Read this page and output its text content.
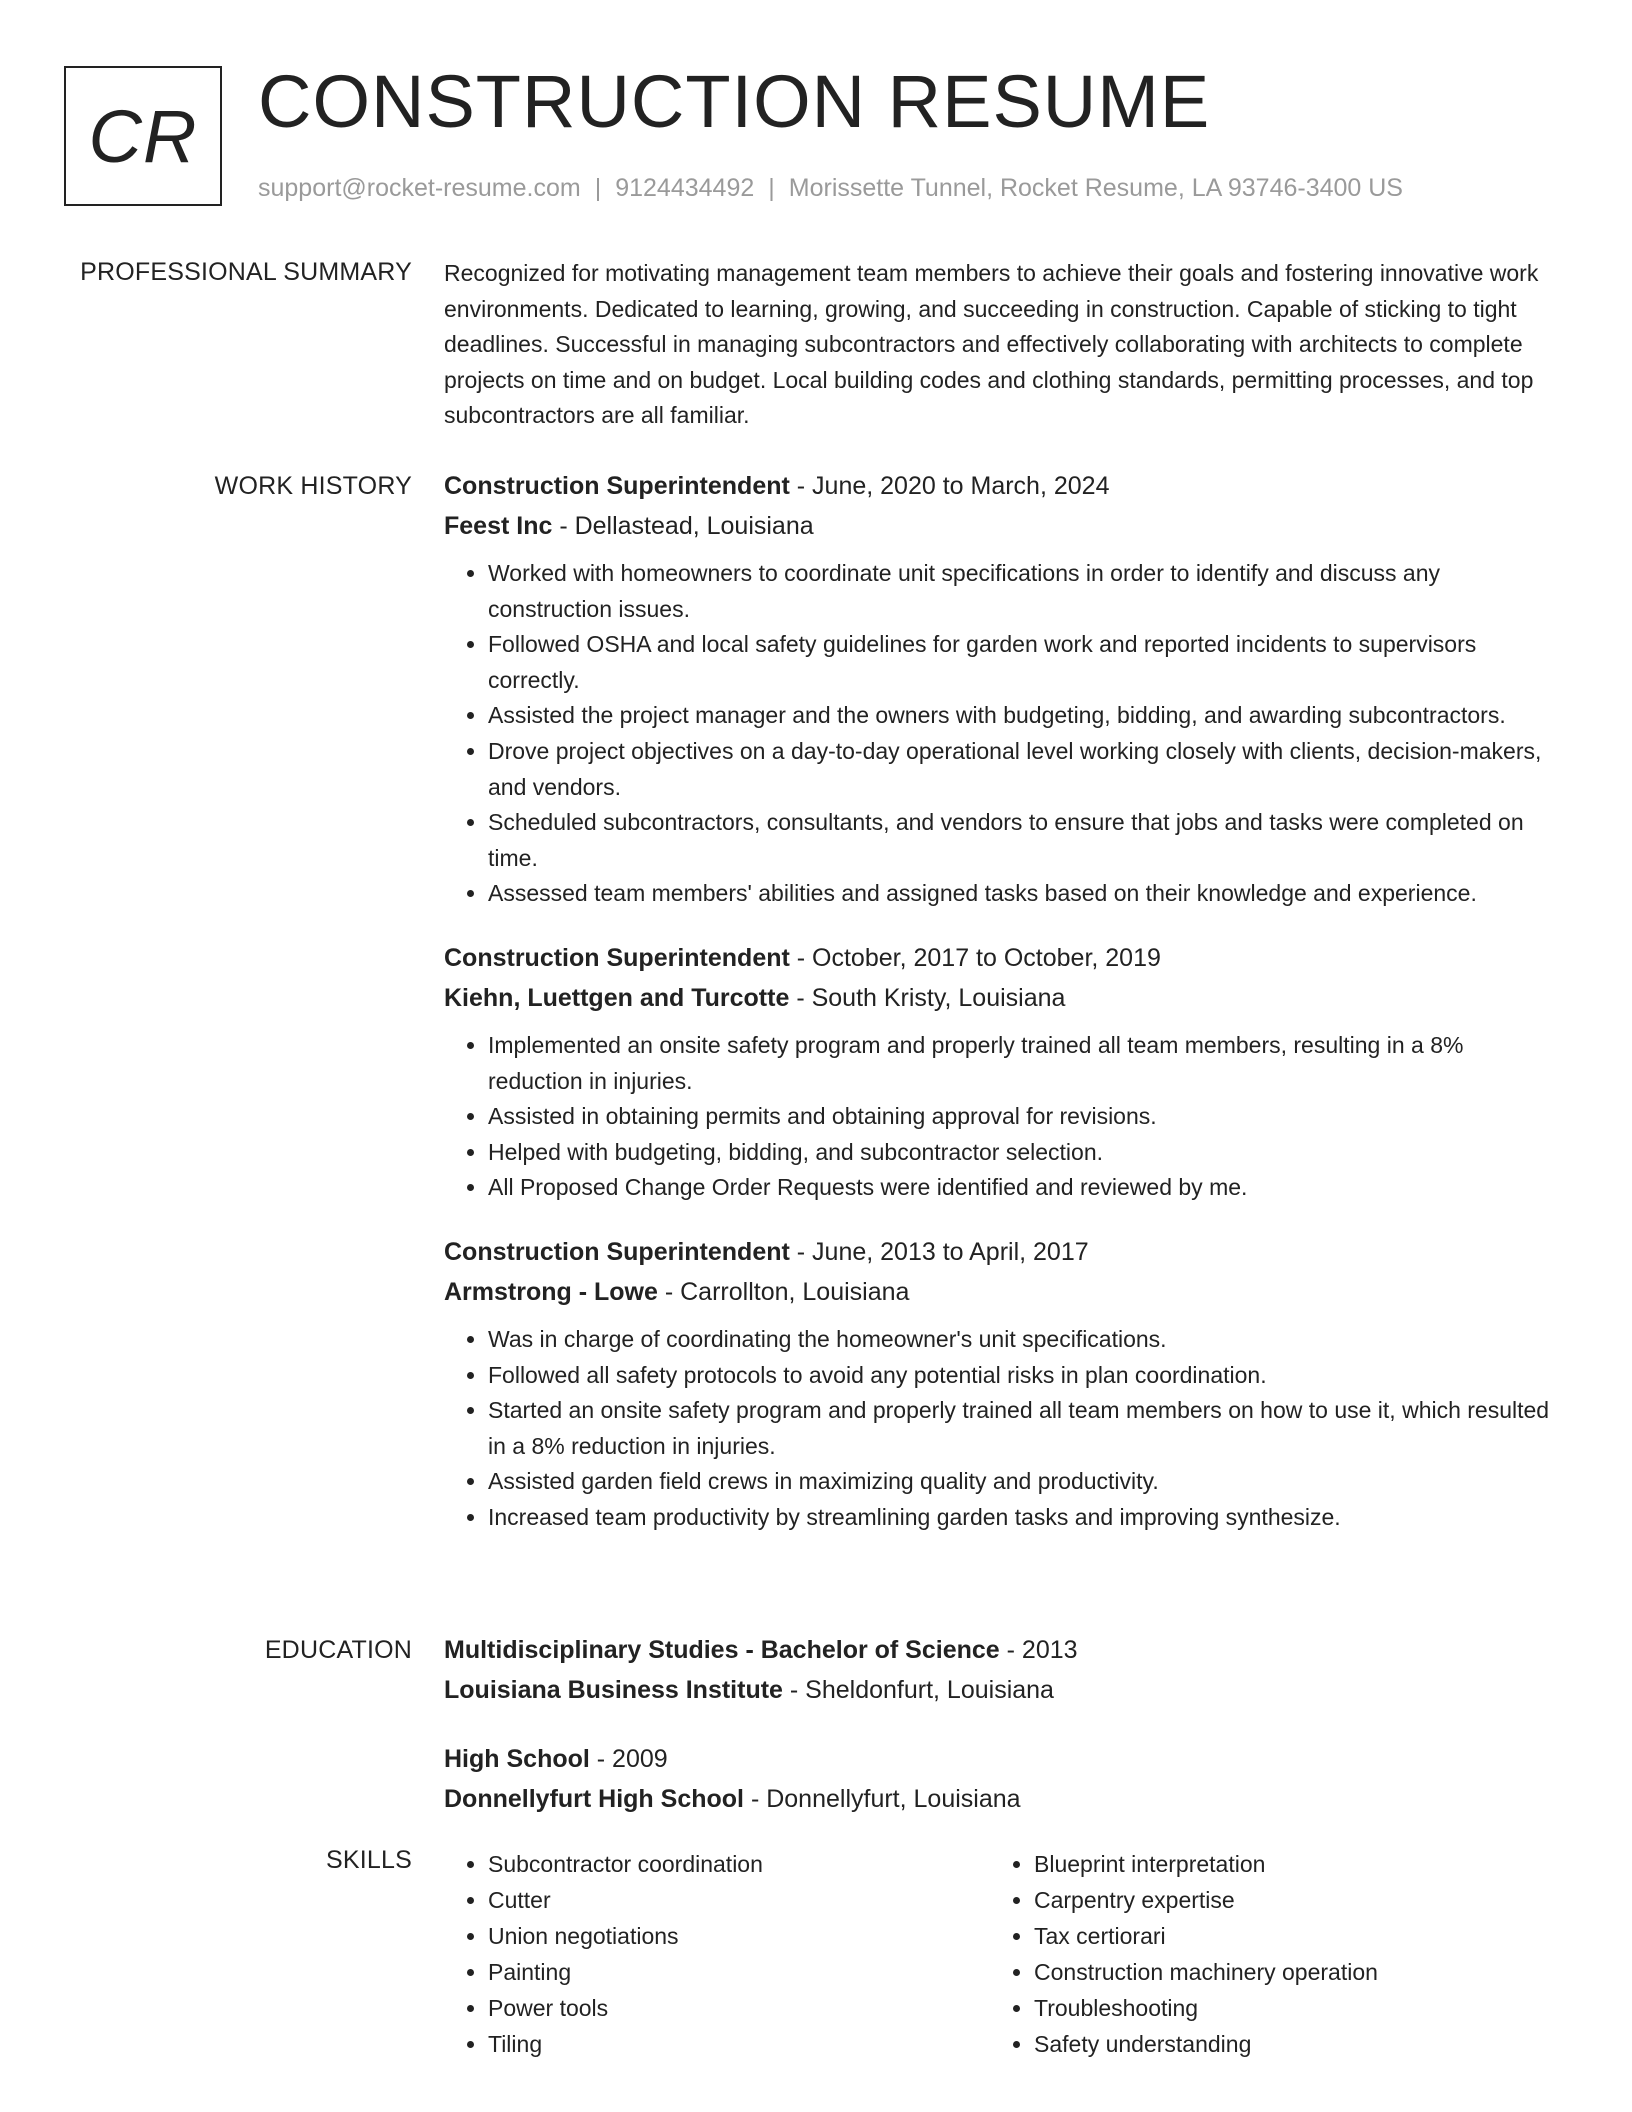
CR CONSTRUCTION RESUME
support@rocket-resume.com | 9124434492 | Morissette Tunnel, Rocket Resume, LA 93746-3400 US
PROFESSIONAL SUMMARY Recognized for motivating management team members to achieve their goals and fostering innovative work environments. Dedicated to learning, growing, and succeeding in construction. Capable of sticking to tight deadlines. Successful in managing subcontractors and effectively collaborating with architects to complete projects on time and on budget. Local building codes and clothing standards, permitting processes, and top subcontractors are all familiar.

WORK HISTORY Construction Superintendent - June, 2020 to March, 2024
Feest Inc - Dellastead, Louisiana
• Worked with homeowners to coordinate unit specifications in order to identify and discuss any construction issues.
• Followed OSHA and local safety guidelines for garden work and reported incidents to supervisors correctly.
• Assisted the project manager and the owners with budgeting, bidding, and awarding subcontractors.
• Drove project objectives on a day-to-day operational level working closely with clients, decision-makers, and vendors.
• Scheduled subcontractors, consultants, and vendors to ensure that jobs and tasks were completed on time.
• Assessed team members' abilities and assigned tasks based on their knowledge and experience.
Construction Superintendent - October, 2017 to October, 2019
Kiehn, Luettgen and Turcotte - South Kristy, Louisiana
• Implemented an onsite safety program and properly trained all team members, resulting in a 8% reduction in injuries.
• Assisted in obtaining permits and obtaining approval for revisions.
• Helped with budgeting, bidding, and subcontractor selection.
• All Proposed Change Order Requests were identified and reviewed by me.
Construction Superintendent - June, 2013 to April, 2017
Armstrong - Lowe - Carrollton, Louisiana
• Was in charge of coordinating the homeowner's unit specifications.
• Followed all safety protocols to avoid any potential risks in plan coordination.
• Started an onsite safety program and properly trained all team members on how to use it, which resulted in a 8% reduction in injuries.
• Assisted garden field crews in maximizing quality and productivity.
• Increased team productivity by streamlining garden tasks and improving synthesize.
EDUCATION Multidisciplinary Studies - Bachelor of Science - 2013
Louisiana Business Institute - Sheldonfurt, Louisiana
High School - 2009
Donnellyfurt High School - Donnellyfurt, Louisiana
SKILLS
•	Subcontractor coordination
• Cutter
• Union negotiations
• Painting
• Power tools
• Tiling
• Blueprint interpretation
• Carpentry expertise
• Tax certiorari
• Construction machinery operation
• Troubleshooting
• Safety understanding
